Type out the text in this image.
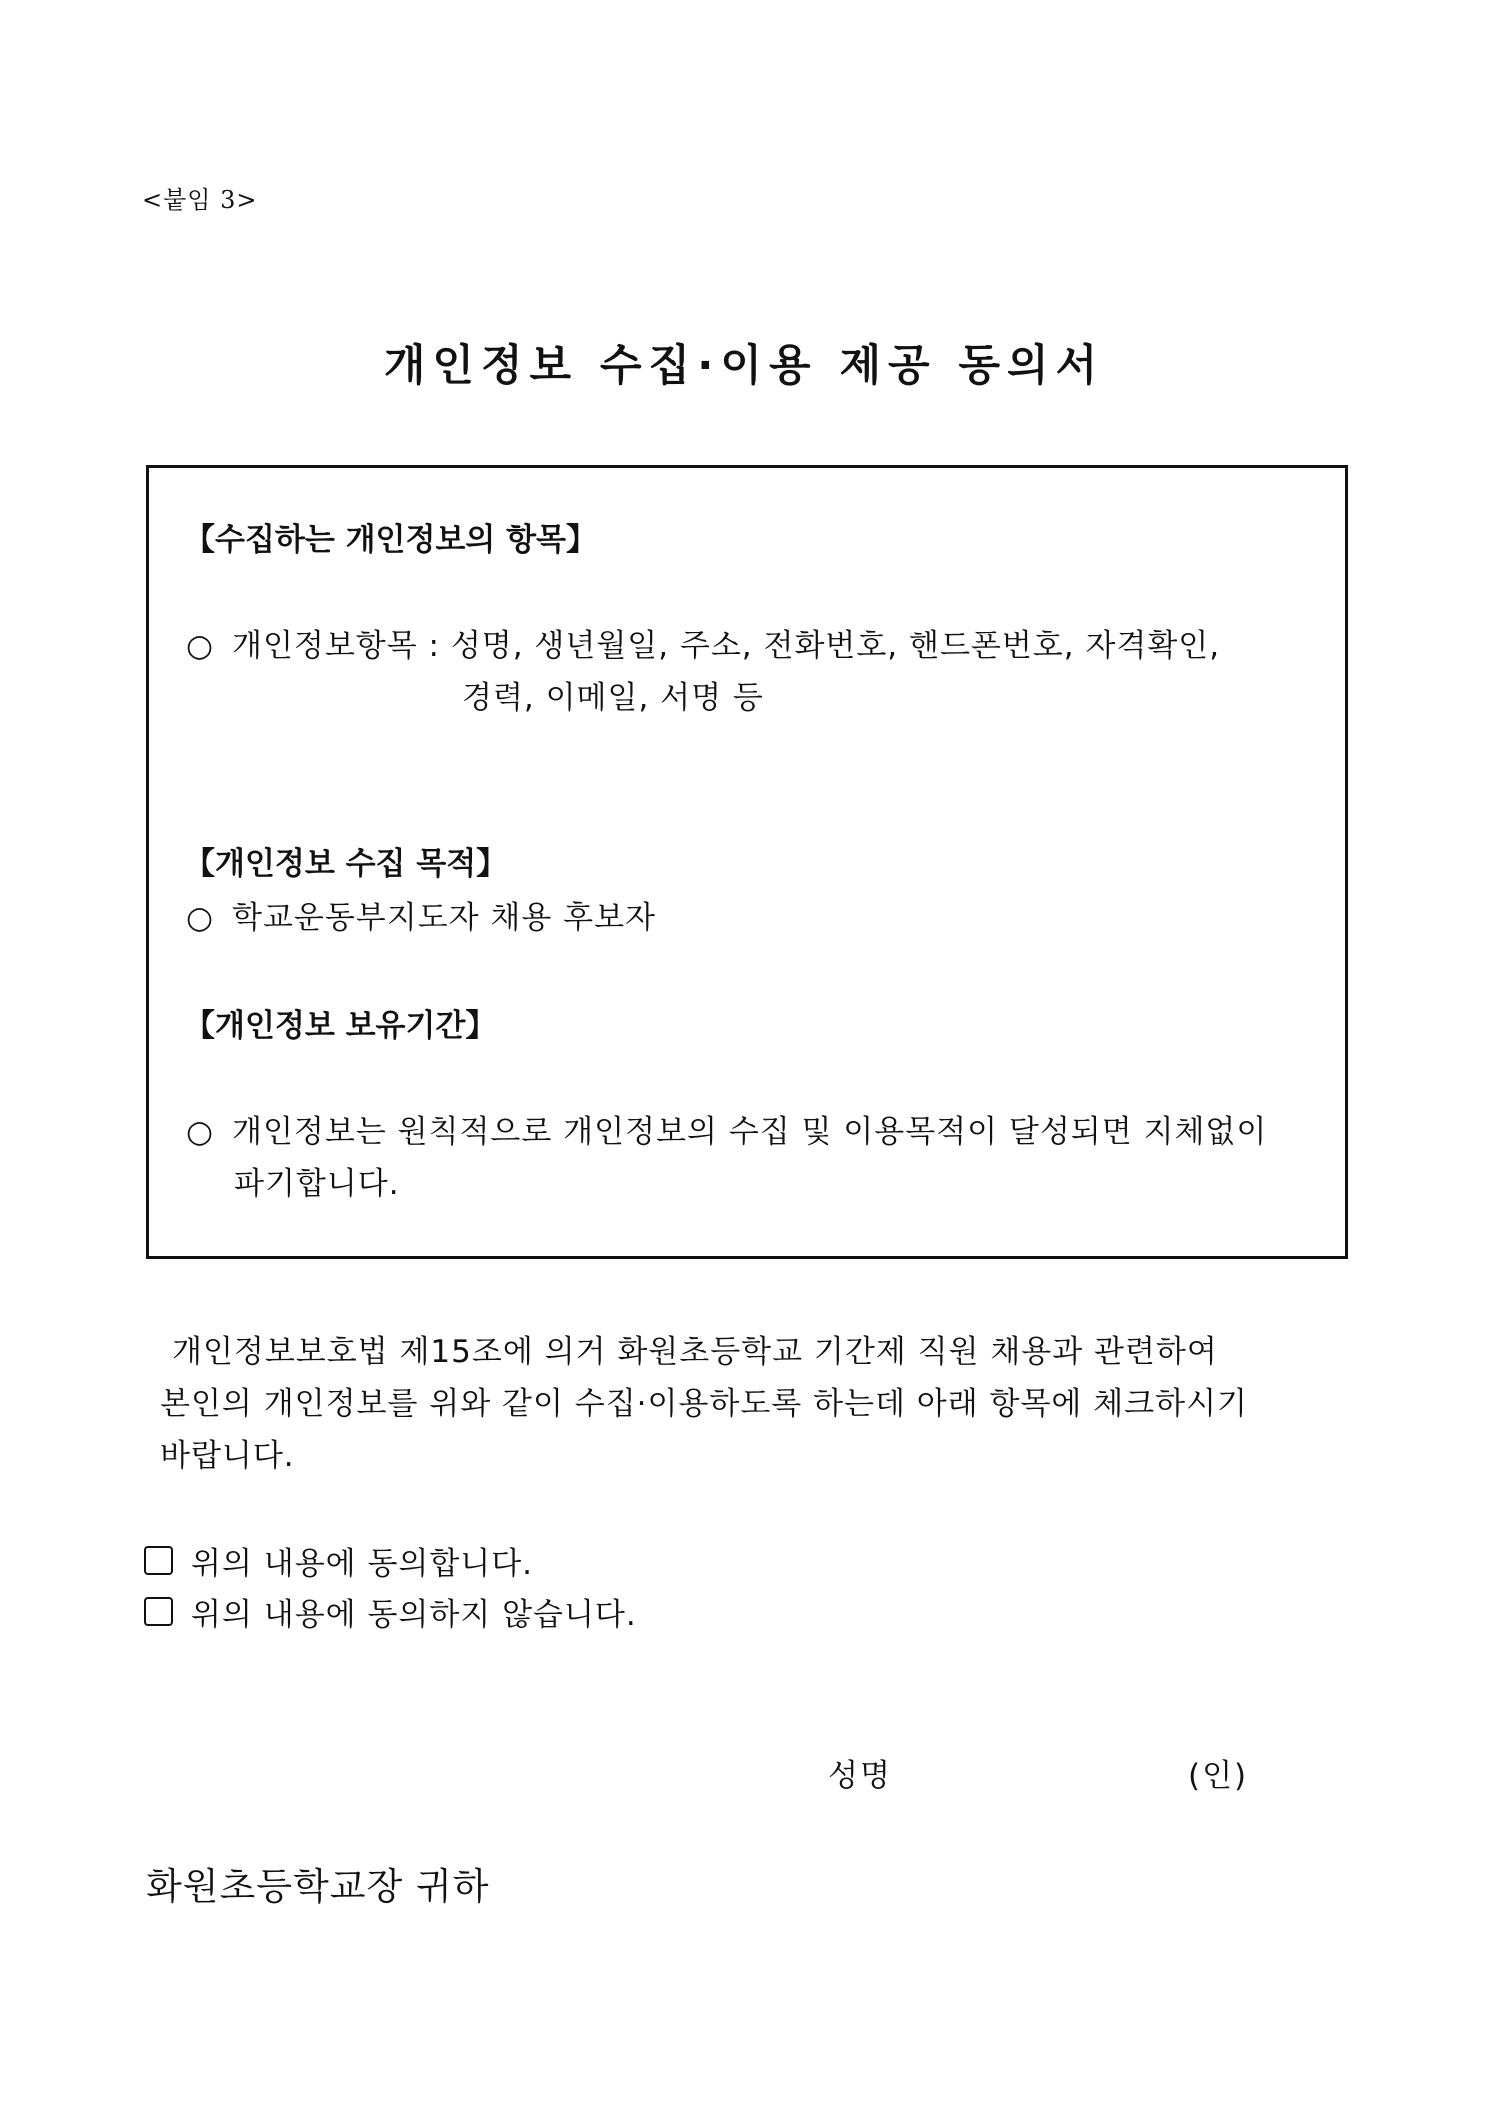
<붙임 3>
개인정보 수집·이용 제공 동의서
【수집하는 개인정보의 항목】
○ 개인정보항목 : 성명, 생년월일, 주소, 전화번호, 핸드폰번호, 자격확인,
경력, 이메일, 서명 등
【개인정보 수집 목적】
○ 학교운동부지도자 채용 후보자
【개인정보 보유기간】
○ 개인정보는 원칙적으로 개인정보의 수집 및 이용목적이 달성되면 지체없이
파기합니다.
개인정보보호법 제15조에 의거 화원초등학교 기간제 직원 채용과 관련하여
본인의 개인정보를 위와 같이 수집·이용하도록 하는데 아래 항목에 체크하시기
바랍니다.
위의 내용에 동의합니다.
위의 내용에 동의하지 않습니다.
성명	(인)
화원초등학교장 귀하
